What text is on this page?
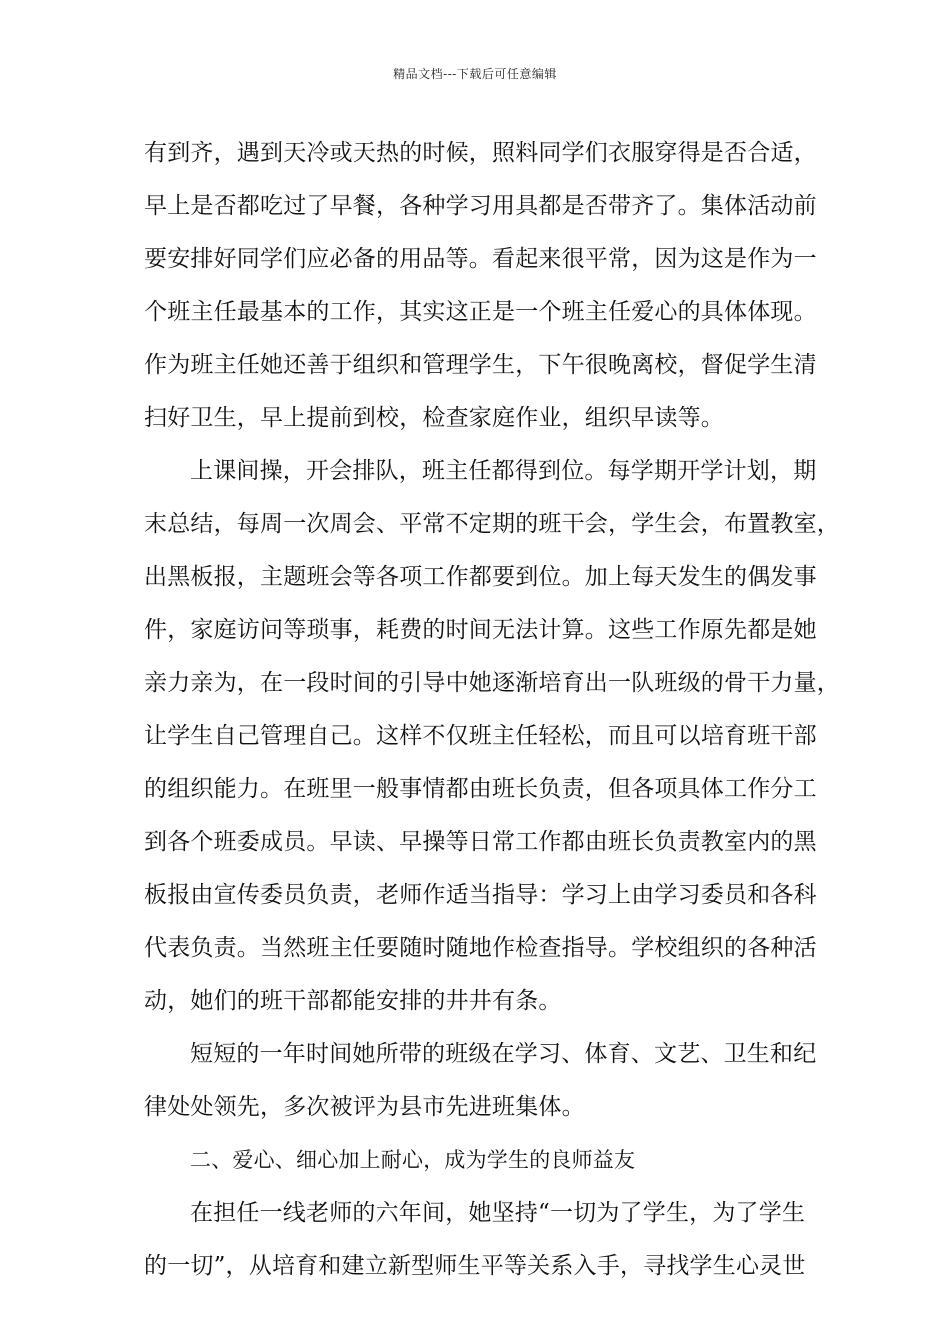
精品文档---下载后可任意编辑
有到齐，遇到天冷或天热的时候，照料同学们衣服穿得是否合适，
早上是否都吃过了早餐，各种学习用具都是否带齐了。集体活动前
要安排好同学们应必备的用品等。看起来很平常，因为这是作为一
个班主任最基本的工作，其实这正是一个班主任爱心的具体体现。
作为班主任她还善于组织和管理学生，下午很晚离校，督促学生清
扫好卫生，早上提前到校，检查家庭作业，组织早读等。
上课间操，开会排队，班主任都得到位。每学期开学计划，期
末总结，每周一次周会、平常不定期的班干会，学生会，布置教室，
出黑板报，主题班会等各项工作都要到位。加上每天发生的偶发事
件，家庭访问等琐事，耗费的时间无法计算。这些工作原先都是她
亲力亲为，在一段时间的引导中她逐渐培育出一队班级的骨干力量，
让学生自己管理自己。这样不仅班主任轻松，而且可以培育班干部
的组织能力。在班里一般事情都由班长负责，但各项具体工作分工
到各个班委成员。早读、早操等日常工作都由班长负责教室内的黑
板报由宣传委员负责，老师作适当指导：学习上由学习委员和各科
代表负责。当然班主任要随时随地作检查指导。学校组织的各种活
动，她们的班干部都能安排的井井有条。
短短的一年时间她所带的班级在学习、体育、文艺、卫生和纪
律处处领先，多次被评为县市先进班集体。
二、爱心、细心加上耐心，成为学生的良师益友
在担任一线老师的六年间，她坚持“一切为了学生，为了学生
的一切”，从培育和建立新型师生平等关系入手，寻找学生心灵世
